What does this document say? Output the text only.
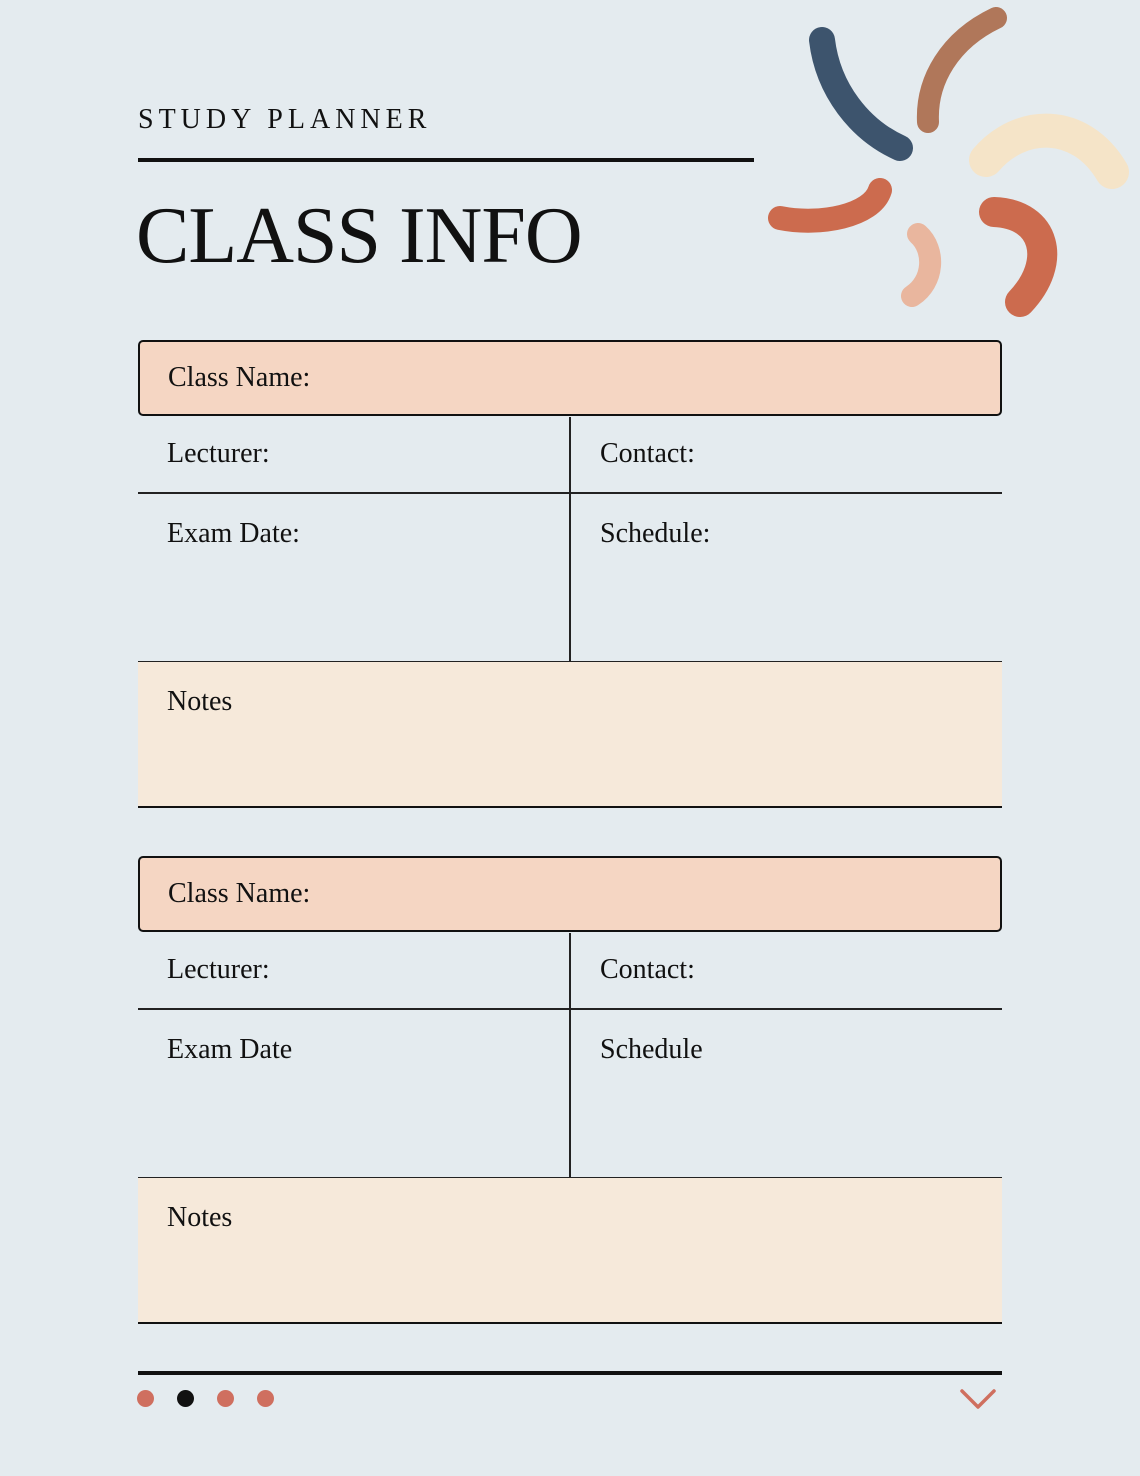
STUDY PLANNER
CLASS INFO
Class Name:
Lecturer:	Contact:
Exam Date:	Schedule:
Notes
Class Name:
Lecturer:	Contact:
Exam Date	Schedule
Notes
